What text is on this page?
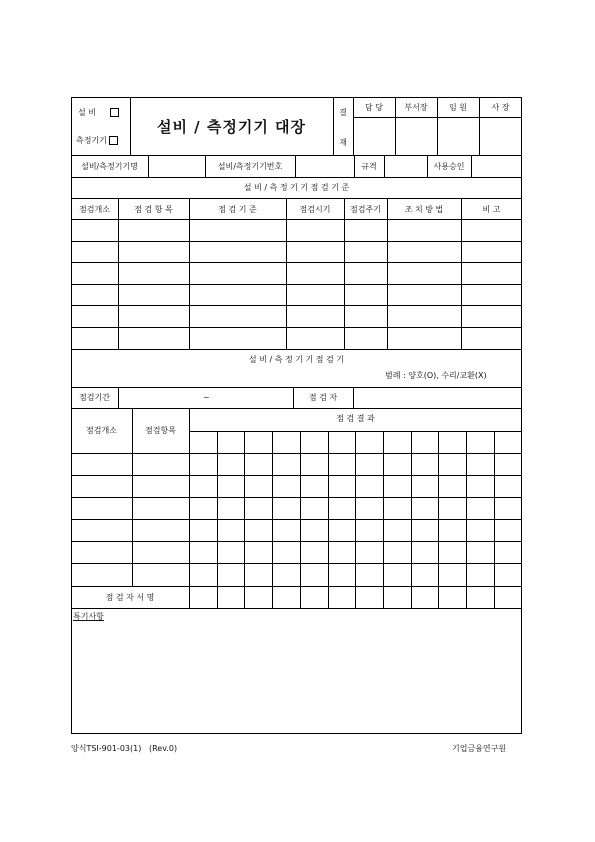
설 비
측정기기
설비 / 측정기기 대장
결
재
담 당	부서장	임 원	사 장
설비/측정기기명	설비/측정기기번호	규격	사용승인
설 비 / 측 정 기 기 점 검 기 준
점검개소	점 검 항 목	점 검 기 준	점검시기	점검주기	조 치 방 법	비 고
설 비 / 측 정 기 기 점 검 기
범례 : 양호(O), 수리/교환(X)
점검기간	~	점 검 자
점검개소	점검항목
점 검 결 과
점 검 자 서 명
특기사항
양식TSI-901-03(1)   (Rev.0)	기업금융연구원
